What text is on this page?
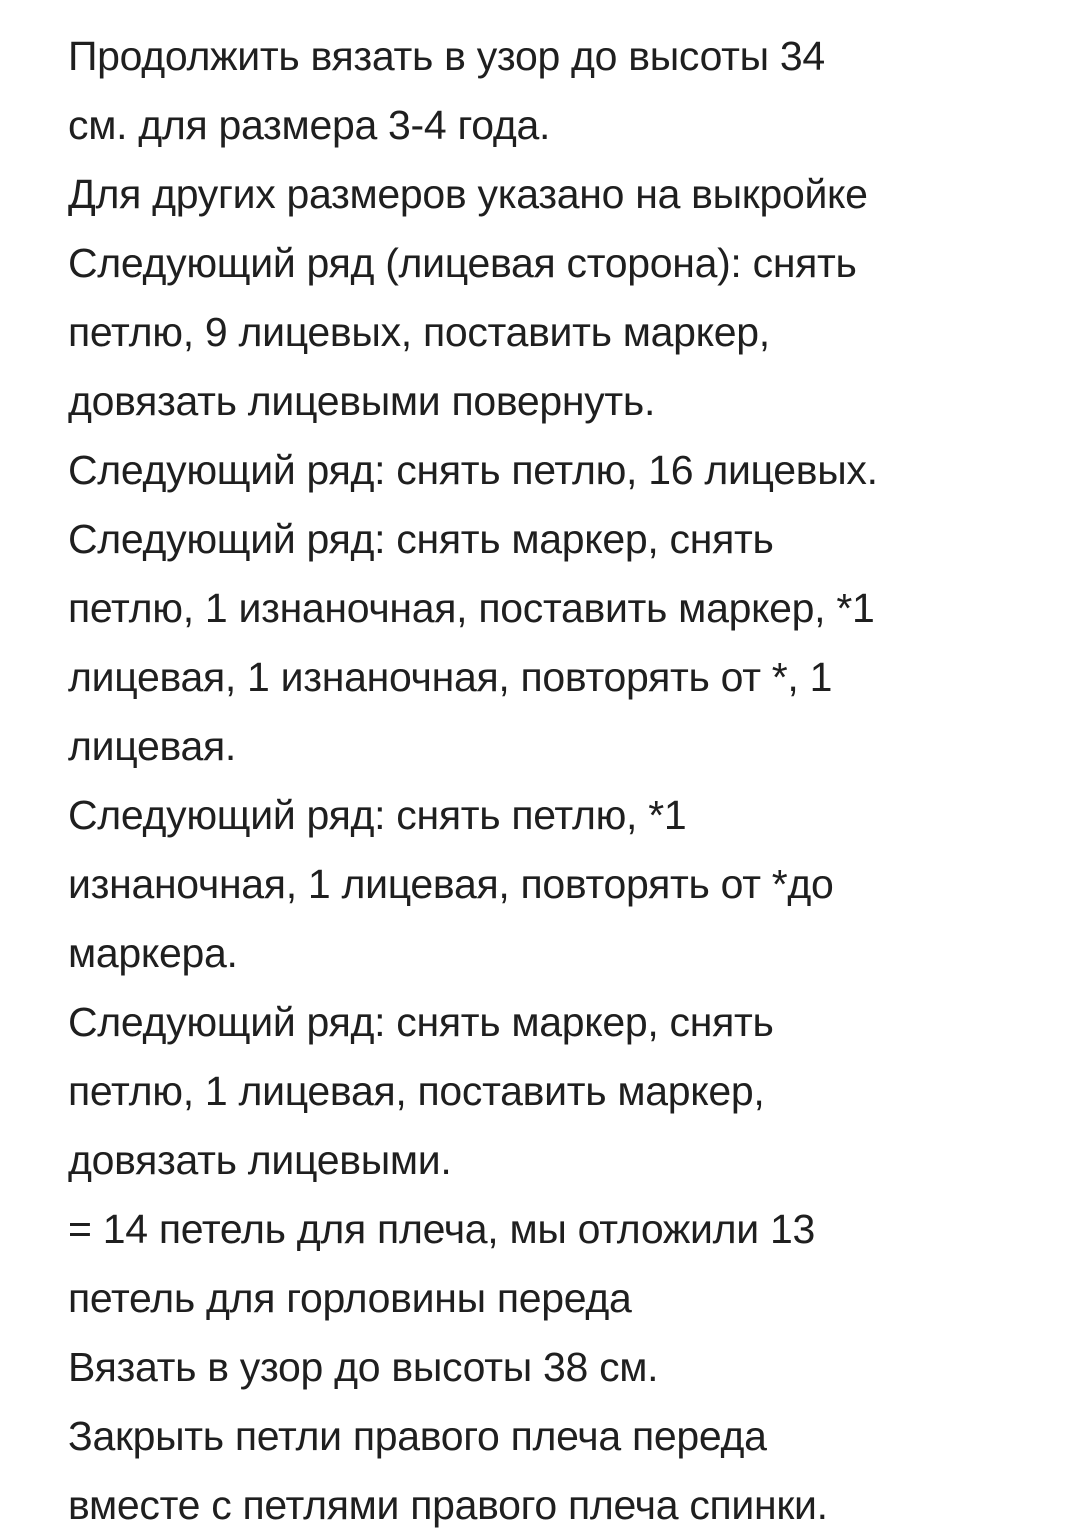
Продолжить вязать в узор до высоты 34
см. для размера 3-4 года.
Для других размеров указано на выкройке
Следующий ряд (лицевая сторона): снять
петлю, 9 лицевых, поставить маркер,
довязать лицевыми повернуть.
Следующий ряд: снять петлю, 16 лицевых.
Следующий ряд: снять маркер, снять
петлю, 1 изнаночная, поставить маркер, *1
лицевая, 1 изнаночная, повторять от *, 1
лицевая.
Следующий ряд: снять петлю, *1
изнаночная, 1 лицевая, повторять от *до
маркера.
Следующий ряд: снять маркер, снять
петлю, 1 лицевая, поставить маркер,
довязать лицевыми.
= 14 петель для плеча, мы отложили 13
петель для горловины переда
Вязать в узор до высоты 38 см.
Закрыть петли правого плеча переда
вместе с петлями правого плеча спинки.
